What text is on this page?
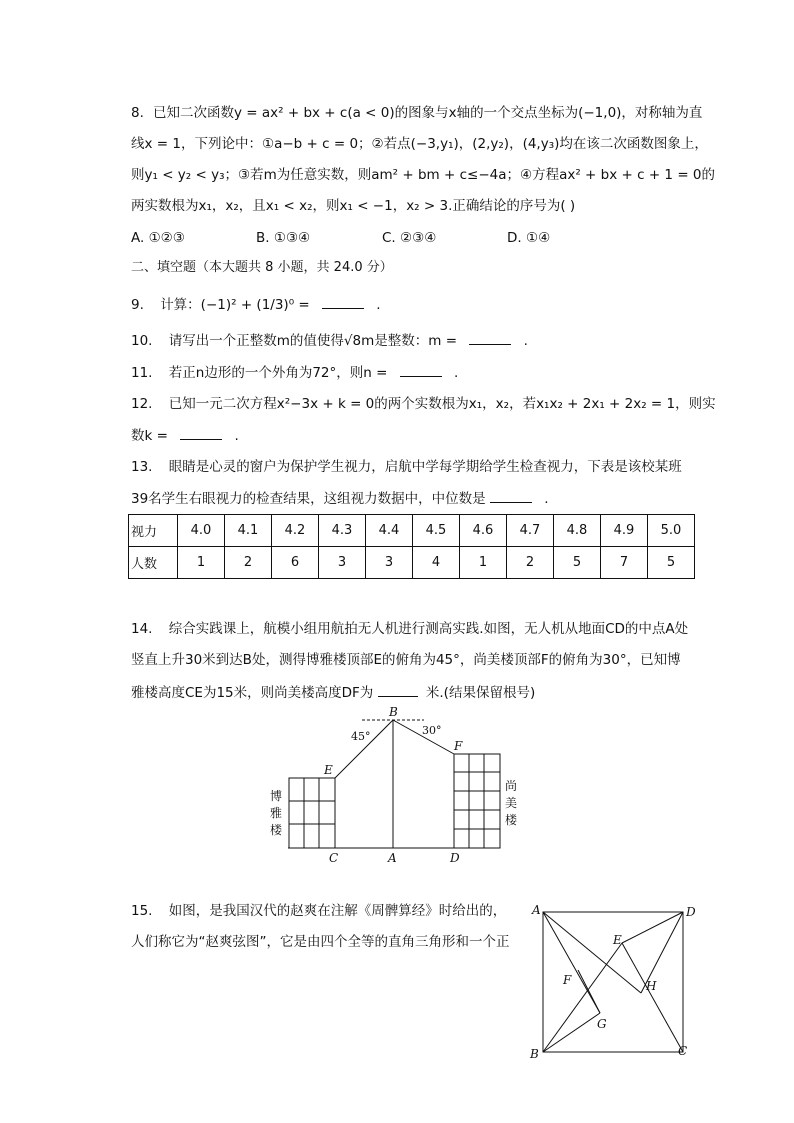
8. 已知二次函数y = ax² + bx + c(a < 0)的图象与x轴的一个交点坐标为(−1,0)，对称轴为直
线x = 1，下列论中：①a−b + c = 0；②若点(−3,y₁)，(2,y₂)，(4,y₃)均在该二次函数图象上，
则y₁ < y₂ < y₃；③若m为任意实数，则am² + bm + c≤−4a；④方程ax² + bx + c + 1 = 0的
两实数根为x₁，x₂，且x₁ < x₂，则x₁ < −1，x₂ > 3.正确结论的序号为( )
A. ①②③	B. ①③④	C. ②③④	D. ①④
二、填空题（本大题共 8 小题，共 24.0 分）
9. 计算：(−1)² + (1/3)⁰ =	.
10. 请写出一个正整数m的值使得√8m是整数：m =	.
11. 若正n边形的一个外角为72°，则n =	.
12. 已知一元二次方程x²−3x + k = 0的两个实数根为x₁，x₂，若x₁x₂ + 2x₁ + 2x₂ = 1，则实
数k =	.
13. 眼睛是心灵的窗户为保护学生视力，启航中学每学期给学生检查视力，下表是该校某班
39名学生右眼视力的检查结果，这组视力数据中，中位数是	.
视力	4.0	4.1	4.2	4.3	4.4	4.5	4.6	4.7	4.8	4.9	5.0
人数	1	2	6	3	3	4	1	2	5	7	5
14. 综合实践课上，航模小组用航拍无人机进行测高实践.如图，无人机从地面CD的中点A处
竖直上升30米到达B处，测得博雅楼顶部E的俯角为45°，尚美楼顶部F的俯角为30°，已知博
雅楼高度CE为15米，则尚美楼高度DF为	米.(结果保留根号)
B
E
F
C	A	D
45°	30°
博
雅
楼
尚
美
楼
15. 如图，是我国汉代的赵爽在注解《周髀算经》时给出的，
人们称它为“赵爽弦图”，它是由四个全等的直角三角形和一个正
A	D
B	C
E
F
G
H
